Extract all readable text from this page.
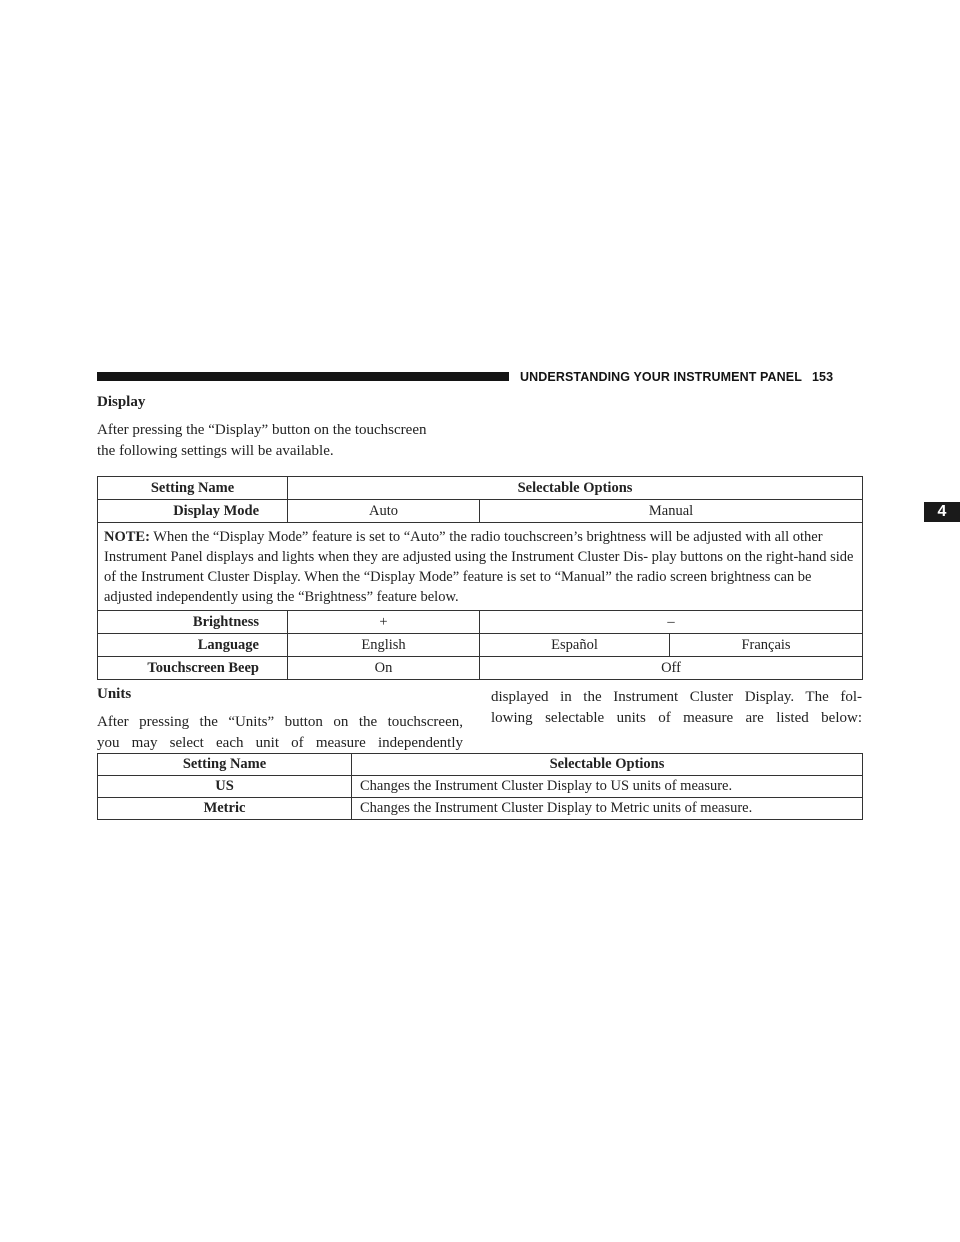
UNDERSTANDING YOUR INSTRUMENT PANEL 153
4
Display
After pressing the “Display” button on the touchscreen
the following settings will be available.
Setting Name	Selectable Options		
Display Mode	Auto	Manual	
NOTE: When the “Display Mode” feature is set to “Auto” the radio touchscreen’s brightness will be adjusted with all other Instrument Panel displays and lights when they are adjusted using the Instrument Cluster Dis- play buttons on the right-hand side of the Instrument Cluster Display. When the “Display Mode” feature is set to “Manual” the radio screen brightness can be adjusted independently using the “Brightness” feature below.			
Brightness	+	–	
Language	English	Español	Français
Touchscreen Beep	On	Off	
Units
After pressing the “Units” button on the touchscreen,
you may select each unit of measure independently
displayed in the Instrument Cluster Display. The fol-
lowing selectable units of measure are listed below:
Setting Name	Selectable Options
US	Changes the Instrument Cluster Display to US units of measure.
Metric	Changes the Instrument Cluster Display to Metric units of measure.
